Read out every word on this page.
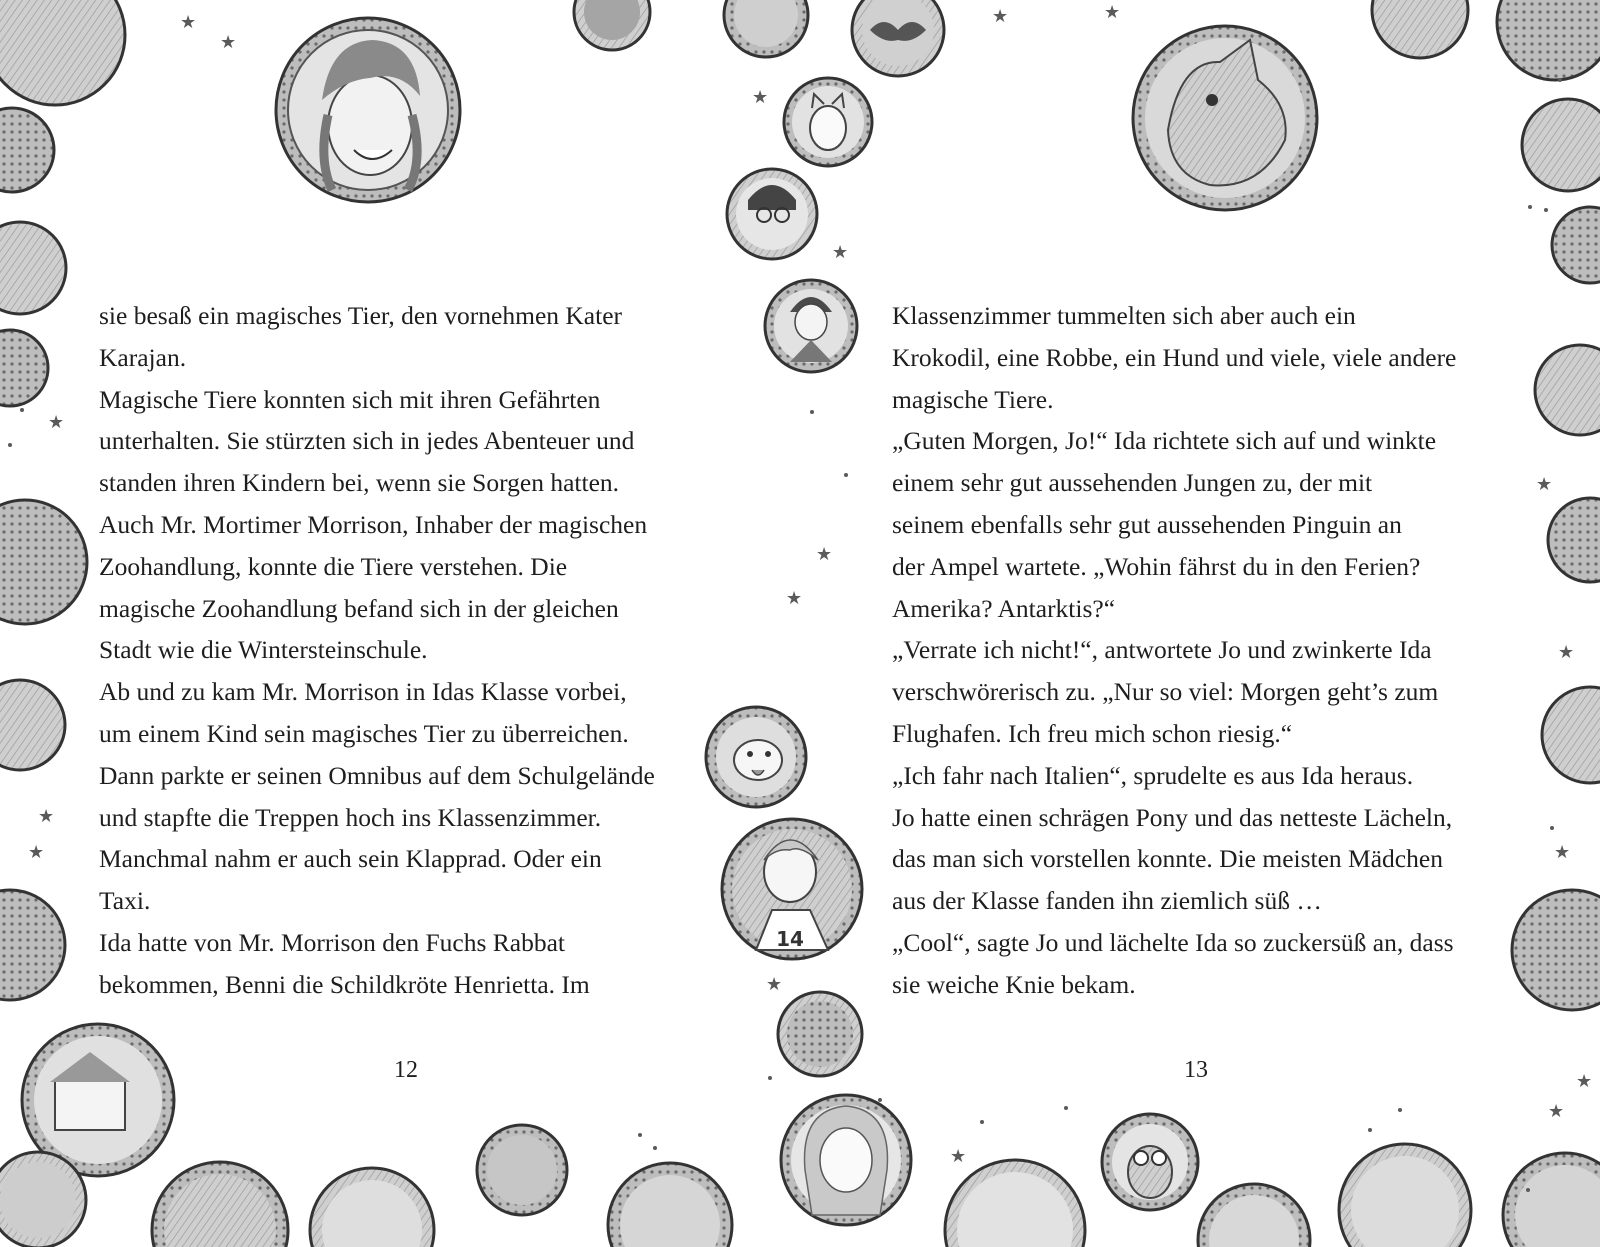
14
★
★
★	★
★
★
★
★
★
★
★
★
★
★
★
★
★
★
sie besaß ein magisches Tier, den vornehmen Kater
Karajan.
Magische Tiere konnten sich mit ihren Gefährten
unterhalten. Sie stürzten sich in jedes Abenteuer und
standen ihren Kindern bei, wenn sie Sorgen hatten.
Auch Mr. Mortimer Morrison, Inhaber der magischen
Zoohandlung, konnte die Tiere verstehen. Die
magische Zoohandlung befand sich in der gleichen
Stadt wie die Wintersteinschule.
Ab und zu kam Mr. Morrison in Idas Klasse vorbei,
um einem Kind sein magisches Tier zu überreichen.
Dann parkte er seinen Omnibus auf dem Schulgelände
und stapfte die Treppen hoch ins Klassenzimmer.
Manchmal nahm er auch sein Klapprad. Oder ein
Taxi.
Ida hatte von Mr. Morrison den Fuchs Rabbat
bekommen, Benni die Schildkröte Henrietta. Im
12
Klassenzimmer tummelten sich aber auch ein
Krokodil, eine Robbe, ein Hund und viele, viele andere
magische Tiere.
„Guten Morgen, Jo!“ Ida richtete sich auf und winkte
einem sehr gut aussehenden Jungen zu, der mit
seinem ebenfalls sehr gut aussehenden Pinguin an
der Ampel wartete. „Wohin fährst du in den Ferien?
Amerika? Antarktis?“
„Verrate ich nicht!“, antwortete Jo und zwinkerte Ida
verschwörerisch zu. „Nur so viel: Morgen geht’s zum
Flughafen. Ich freu mich schon riesig.“
„Ich fahr nach Italien“, sprudelte es aus Ida heraus.
Jo hatte einen schrägen Pony und das netteste Lächeln,
das man sich vorstellen konnte. Die meisten Mädchen
aus der Klasse fanden ihn ziemlich süß …
„Cool“, sagte Jo und lächelte Ida so zuckersüß an, dass
sie weiche Knie bekam.
13
